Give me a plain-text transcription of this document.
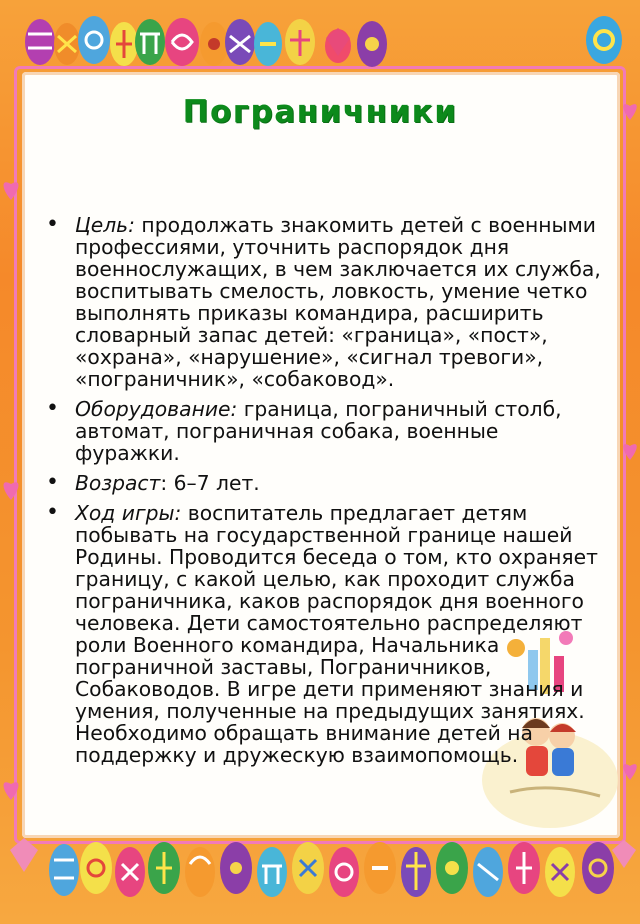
Пограничники
• Цель: продолжать знакомить детей с военными профессиями, уточнить распорядок дня военнослужащих, в чем заключается их служба, воспитывать смелость, ловкость, умение четко выполнять приказы командира, расширить словарный запас детей: «граница», «пост», «охрана», «нарушение», «сигнал тревоги», «пограничник», «собаковод».
• Оборудование: граница, пограничный столб, автомат, пограничная собака, военные фуражки.
• Возраст: 6–7 лет.
• Ход игры: воспитатель предлагает детям побывать на государственной границе нашей Родины. Проводится беседа о том, кто охраняет границу, с какой целью, как проходит служба пограничника, каков распорядок дня военного человека. Дети самостоятельно распределяют роли Военного командира, Начальника пограничной заставы, Пограничников, Собаководов. В игре дети применяют знания и умения, полученные на предыдущих занятиях. Необходимо обращать внимание детей на поддержку и дружескую взаимопомощь.
